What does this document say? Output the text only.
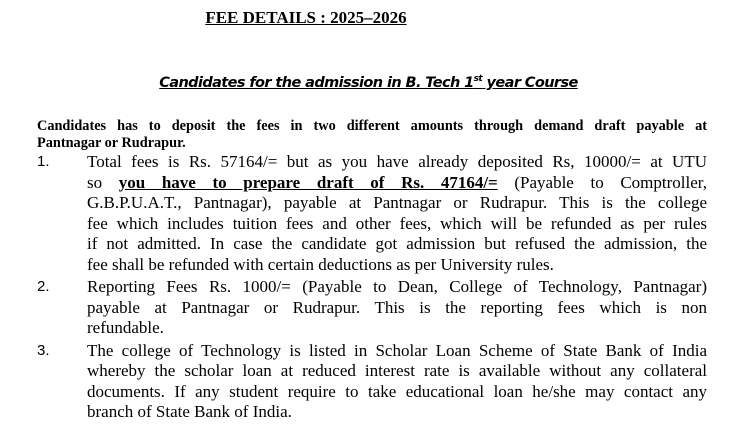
FEE DETAILS : 2025–2026
Candidates for the admission in B. Tech 1st year Course
Candidates has to deposit the fees in two different amounts through demand draft payable at
Pantnagar or Rudrapur.
1. Total fees is Rs. 57164/= but as you have already deposited Rs, 10000/= at UTU
so you have to prepare draft of Rs. 47164/= (Payable to Comptroller,
G.B.P.U.A.T., Pantnagar), payable at Pantnagar or Rudrapur. This is the college
fee which includes tuition fees and other fees, which will be refunded as per rules
if not admitted. In case the candidate got admission but refused the admission, the
fee shall be refunded with certain deductions as per University rules.
2. Reporting Fees Rs. 1000/= (Payable to Dean, College of Technology, Pantnagar)
payable at Pantnagar or Rudrapur. This is the reporting fees which is non
refundable.
3. The college of Technology is listed in Scholar Loan Scheme of State Bank of India
whereby the scholar loan at reduced interest rate is available without any collateral
documents. If any student require to take educational loan he/she may contact any
branch of State Bank of India.
